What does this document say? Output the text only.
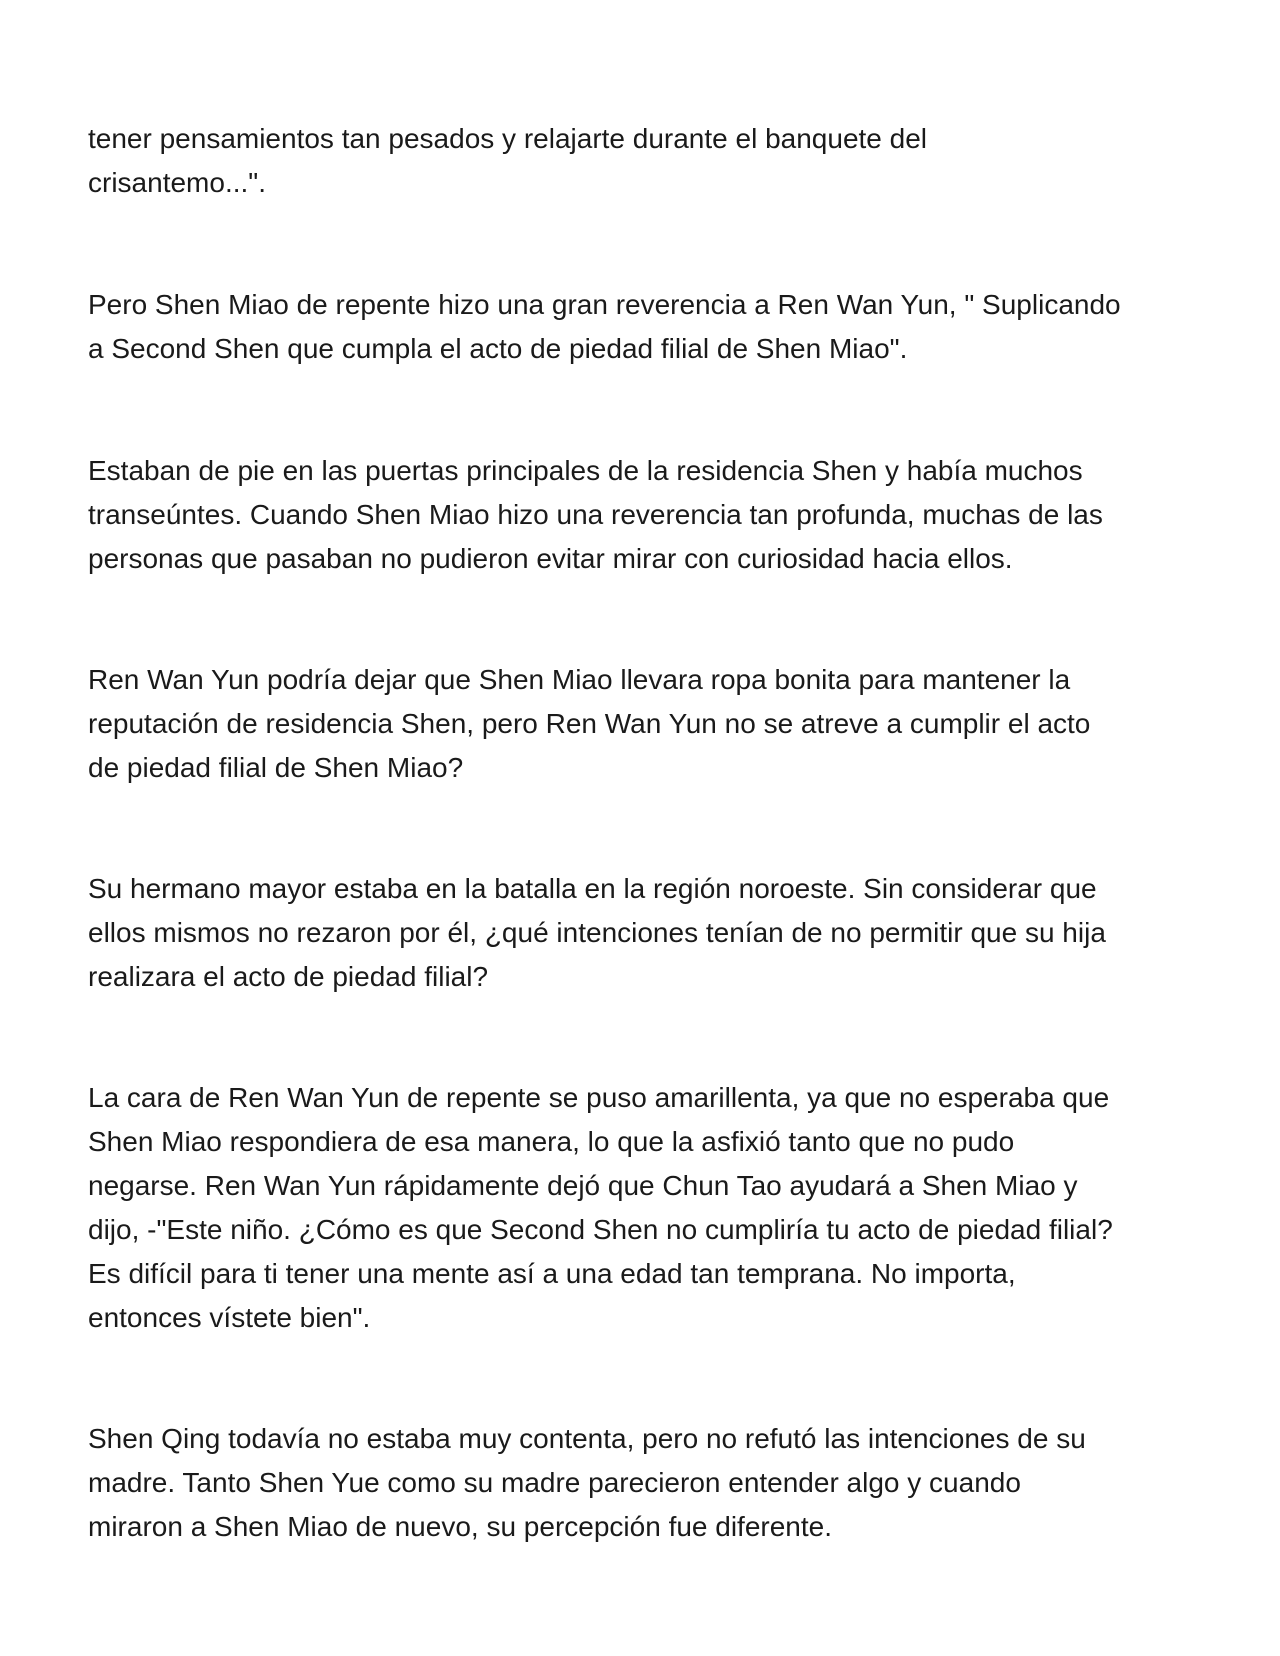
tener pensamientos tan pesados y relajarte durante el banquete del
crisantemo...".

Pero Shen Miao de repente hizo una gran reverencia a Ren Wan Yun, " Suplicando
a Second Shen que cumpla el acto de piedad filial de Shen Miao".

Estaban de pie en las puertas principales de la residencia Shen y había muchos
transeúntes. Cuando Shen Miao hizo una reverencia tan profunda, muchas de las
personas que pasaban no pudieron evitar mirar con curiosidad hacia ellos.

Ren Wan Yun podría dejar que Shen Miao llevara ropa bonita para mantener la
reputación de residencia Shen, pero Ren Wan Yun no se atreve a cumplir el acto
de piedad filial de Shen Miao?

Su hermano mayor estaba en la batalla en la región noroeste. Sin considerar que
ellos mismos no rezaron por él, ¿qué intenciones tenían de no permitir que su hija
realizara el acto de piedad filial?

La cara de Ren Wan Yun de repente se puso amarillenta, ya que no esperaba que
Shen Miao respondiera de esa manera, lo que la asfixió tanto que no pudo
negarse. Ren Wan Yun rápidamente dejó que Chun Tao ayudará a Shen Miao y
dijo, -"Este niño. ¿Cómo es que Second Shen no cumpliría tu acto de piedad filial?
Es difícil para ti tener una mente así a una edad tan temprana. No importa,
entonces vístete bien".

Shen Qing todavía no estaba muy contenta, pero no refutó las intenciones de su
madre. Tanto Shen Yue como su madre parecieron entender algo y cuando
miraron a Shen Miao de nuevo, su percepción fue diferente.
